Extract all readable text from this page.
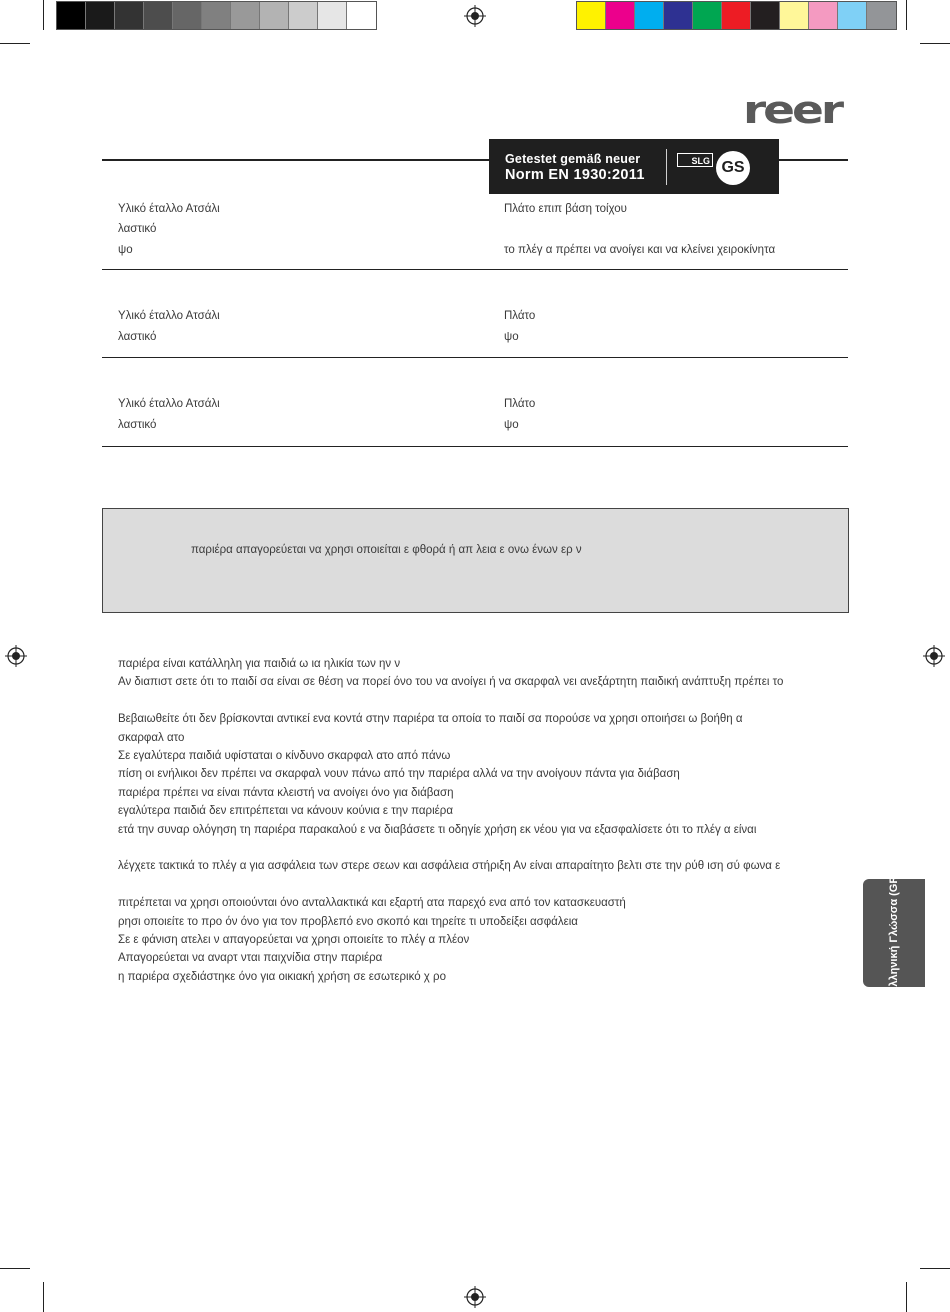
reer
Getestet gemäß neuer
Norm EN 1930:2011
SLG GS
Υλικό έταλλο Ατσάλι
λαστικό
ψο
Πλάτο επιπ βάση τοίχου
το πλέγ α πρέπει να ανοίγει και να κλείνει χειροκίνητα
Υλικό έταλλο Ατσάλι
λαστικό
Πλάτο
ψο
Υλικό έταλλο Ατσάλι
λαστικό
Πλάτο
ψο
παριέρα απαγορεύεται να χρησι οποιείται ε φθορά ή απ λεια ε ονω ένων ερ ν
παριέρα είναι κατάλληλη για παιδιά ω ια ηλικία των ην ν
Αν διαπιστ σετε ότι το παιδί σα είναι σε θέση να πορεί όνο του να ανοίγει ή να σκαρφαλ νει ανεξάρτητη παιδική ανάπτυξη πρέπει το
Βεβαιωθείτε ότι δεν βρίσκονται αντικεί ενα κοντά στην παριέρα τα οποία το παιδί σα πορούσε να χρησι οποιήσει ω βοήθη α
σκαρφαλ ατο
Σε εγαλύτερα παιδιά υφίσταται ο κίνδυνο σκαρφαλ ατο από πάνω
πίση οι ενήλικοι δεν πρέπει να σκαρφαλ νουν πάνω από την παριέρα αλλά να την ανοίγουν πάντα για διάβαση
παριέρα πρέπει να είναι πάντα κλειστή να ανοίγει όνο για διάβαση
εγαλύτερα παιδιά δεν επιτρέπεται να κάνουν κούνια ε την παριέρα
ετά την συναρ ολόγηση τη παριέρα παρακαλού ε να διαβάσετε τι οδηγίε χρήση εκ νέου για να εξασφαλίσετε ότι το πλέγ α είναι
λέγχετε τακτικά το πλέγ α για ασφάλεια των στερε σεων και ασφάλεια στήριξη Αν είναι απαραίτητο βελτι στε την ρύθ ιση σύ φωνα ε
πιτρέπεται να χρησι οποιούνται όνο ανταλλακτικά και εξαρτή ατα παρεχό ενα από τον κατασκευαστή
ρησι οποιείτε το προ όν όνο για τον προβλεπό ενο σκοπό και τηρείτε τι υποδείξει ασφάλεια
Σε ε φάνιση ατελει ν απαγορεύεται να χρησι οποιείτε το πλέγ α πλέον
Απαγορεύεται να αναρτ νται παιχνίδια στην παριέρα
η παριέρα σχεδιάστηκε όνο για οικιακή χρήση σε εσωτερικό χ ρο	Ελληνική Γλώσσα (GR)
